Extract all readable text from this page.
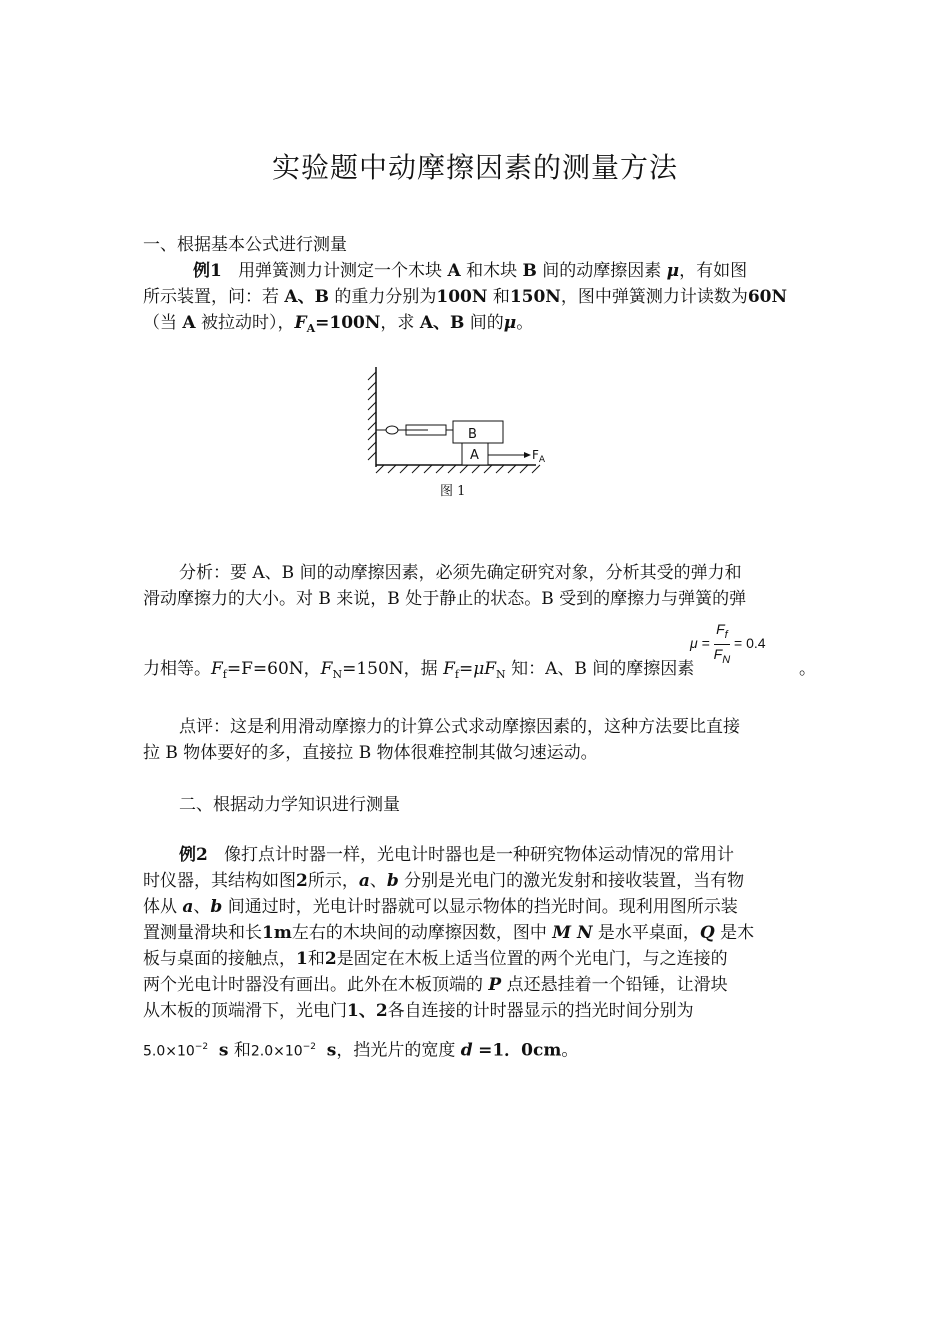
实验题中动摩擦因素的测量方法
一、根据基本公式进行测量
例1 用弹簧测力计测定一个木块 A 和木块 B 间的动摩擦因素 μ，有如图
所示装置，问：若 A、B 的重力分别为100N 和150N，图中弹簧测力计读数为60N
（当 A 被拉动时），$F_A=100N$，求 A、B 间的μ。
B
A	$F_A$
图 1
分析：要 A、B 间的动摩擦因素，必须先确定研究对象，分析其受的弹力和
滑动摩擦力的大小。对 B 来说，B 处于静止的状态。B 受到的摩擦力与弹簧的弹
$\mu = \frac{F_f}{F_N} = 0.4$
力相等。$F_f=F=60N$，$F_N=150N$，据 $F_f=\mu F_N$ 知：A、B 间的摩擦因素	。
点评：这是利用滑动摩擦力的计算公式求动摩擦因素的，这种方法要比直接
拉 B 物体要好的多，直接拉 B 物体很难控制其做匀速运动。
二、根据动力学知识进行测量
例2 像打点计时器一样，光电计时器也是一种研究物体运动情况的常用计
时仪器，其结构如图2所示，a、b 分别是光电门的激光发射和接收装置，当有物
体从 a、b 间通过时，光电计时器就可以显示物体的挡光时间。现利用图所示装
置测量滑块和长1m左右的木块间的动摩擦因数，图中 M N 是水平桌面，Q 是木
板与桌面的接触点，1和2是固定在木板上适当位置的两个光电门，与之连接的
两个光电计时器没有画出。此外在木板顶端的 P 点还悬挂着一个铅锤，让滑块
从木板的顶端滑下，光电门1、2各自连接的计时器显示的挡光时间分别为
$5.0\times 10^{-2}$ s 和$2.0\times 10^{-2}$ s，挡光片的宽度 d =1．0cm。
